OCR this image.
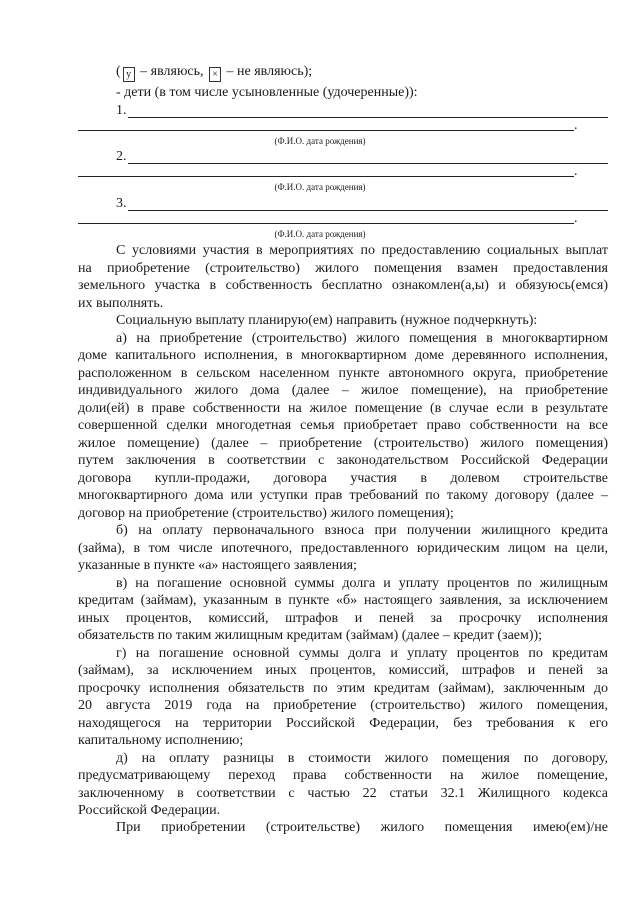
( у – являюсь, × – не являюсь);
- дети (в том числе усыновленные (удочеренные)):
1.
.
(Ф.И.О. дата рождения)
2.
.
(Ф.И.О. дата рождения)
3.
.
(Ф.И.О. дата рождения)
С условиями участия в мероприятиях по предоставлению социальных выплат
на приобретение (строительство) жилого помещения взамен предоставления
земельного участка в собственность бесплатно ознакомлен(а,ы) и обязуюсь(емся)
их выполнять.
Социальную выплату планирую(ем) направить (нужное подчеркнуть):
а) на приобретение (строительство) жилого помещения в многоквартирном
доме капитального исполнения, в многоквартирном доме деревянного исполнения,
расположенном в сельском населенном пункте автономного округа, приобретение
индивидуального жилого дома (далее – жилое помещение), на приобретение
доли(ей) в праве собственности на жилое помещение (в случае если в результате
совершенной сделки многодетная семья приобретает право собственности на все
жилое помещение) (далее – приобретение (строительство) жилого помещения)
путем заключения в соответствии с законодательством Российской Федерации
договора купли-продажи, договора участия в долевом строительстве
многоквартирного дома или уступки прав требований по такому договору (далее –
договор на приобретение (строительство) жилого помещения);
б) на оплату первоначального взноса при получении жилищного кредита
(займа), в том числе ипотечного, предоставленного юридическим лицом на цели,
указанные в пункте «а» настоящего заявления;
в) на погашение основной суммы долга и уплату процентов по жилищным
кредитам (займам), указанным в пункте «б» настоящего заявления, за исключением
иных процентов, комиссий, штрафов и пеней за просрочку исполнения
обязательств по таким жилищным кредитам (займам) (далее – кредит (заем));
г) на погашение основной суммы долга и уплату процентов по кредитам
(займам), за исключением иных процентов, комиссий, штрафов и пеней за
просрочку исполнения обязательств по этим кредитам (займам), заключенным до
20 августа 2019 года на приобретение (строительство) жилого помещения,
находящегося на территории Российской Федерации, без требования к его
капитальному исполнению;
д) на оплату разницы в стоимости жилого помещения по договору,
предусматривающему переход права собственности на жилое помещение,
заключенному в соответствии с частью 22 статьи 32.1 Жилищного кодекса
Российской Федерации.
При приобретении (строительстве) жилого помещения имею(ем)/не
